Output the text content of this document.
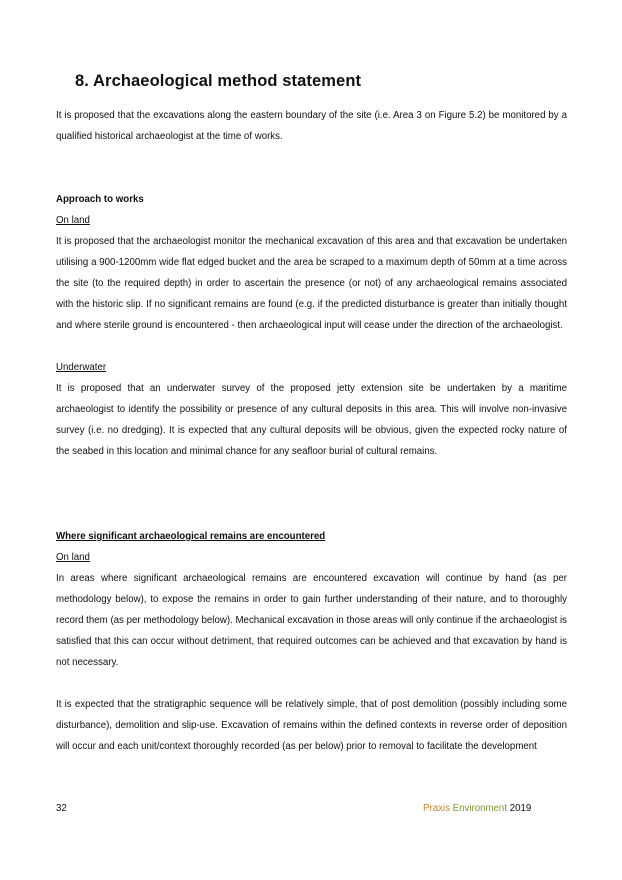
8. Archaeological method statement

It is proposed that the excavations along the eastern boundary of the site (i.e. Area 3 on Figure 5.2) be monitored by a qualified historical archaeologist at the time of works.

Approach to works

On land

It is proposed that the archaeologist monitor the mechanical excavation of this area and that excavation be undertaken utilising a 900-1200mm wide flat edged bucket and the area be scraped to a maximum depth of 50mm at a time across the site (to the required depth) in order to ascertain the presence (or not) of any archaeological remains associated with the historic slip. If no significant remains are found (e.g. if the predicted disturbance is greater than initially thought and where sterile ground is encountered - then archaeological input will cease under the direction of the archaeologist.

Underwater

It is proposed that an underwater survey of the proposed jetty extension site be undertaken by a maritime archaeologist to identify the possibility or presence of any cultural deposits in this area. This will involve non-invasive survey (i.e. no dredging). It is expected that any cultural deposits will be obvious, given the expected rocky nature of the seabed in this location and minimal chance for any seafloor burial of cultural remains.

Where significant archaeological remains are encountered

On land

In areas where significant archaeological remains are encountered excavation will continue by hand (as per methodology below), to expose the remains in order to gain further understanding of their nature, and to thoroughly record them (as per methodology below). Mechanical excavation in those areas will only continue if the archaeologist is satisfied that this can occur without detriment, that required outcomes can be achieved and that excavation by hand is not necessary.

It is expected that the stratigraphic sequence will be relatively simple, that of post demolition (possibly including some disturbance), demolition and slip-use. Excavation of remains within the defined contexts in reverse order of deposition will occur and each unit/context thoroughly recorded (as per below) prior to removal to facilitate the development

32	Praxis Environment 2019
